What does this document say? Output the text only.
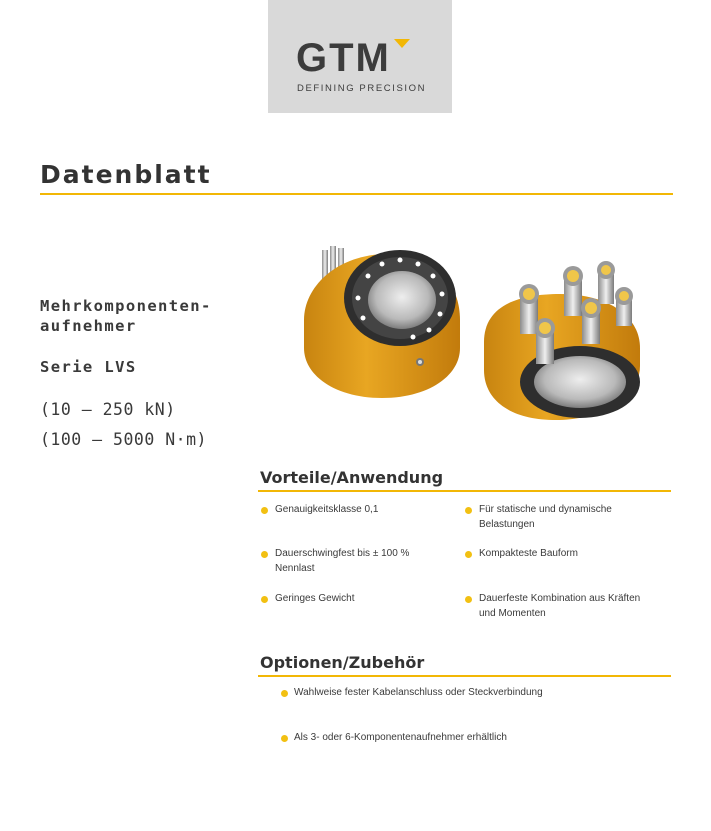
GTM
DEFINING PRECISION
Datenblatt
Mehrkomponenten-
aufnehmer
Serie LVS
(10 – 250 kN)
(100 – 5000 N·m)
Vorteile/Anwendung
Genauigkeitsklasse 0,1	Für statische und dynamische
Belastungen
Dauerschwingfest bis ± 100 %
Nennlast
Kompakteste Bauform
Geringes Gewicht	Dauerfeste Kombination aus Kräften
und Momenten
Optionen/Zubehör
Wahlweise fester Kabelanschluss oder Steckverbindung
Als 3- oder 6-Komponentenaufnehmer erhältlich
